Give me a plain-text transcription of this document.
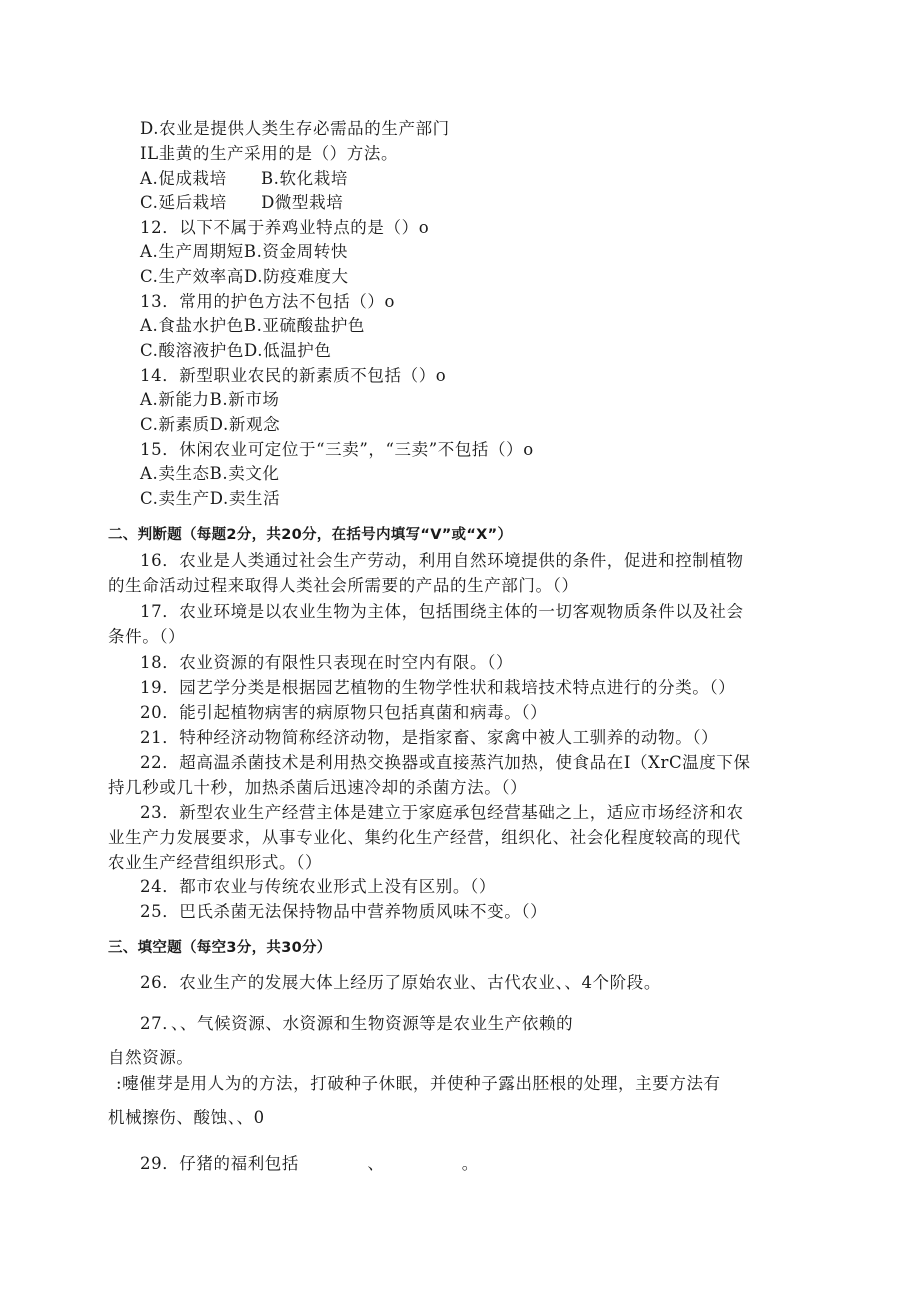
D.农业是提供人类生存必需品的生产部门
IL韭黄的生产采用的是（）方法。
A.促成栽培　　B.软化栽培
C.延后栽培　　D微型栽培
12．以下不属于养鸡业特点的是（）o
A.生产周期短B.资金周转快
C.生产效率高D.防疫难度大
13．常用的护色方法不包括（）o
A.食盐水护色B.亚硫酸盐护色
C.酸溶液护色D.低温护色
14．新型职业农民的新素质不包括（）o
A.新能力B.新市场
C.新素质D.新观念
15．休闲农业可定位于“三卖”，“三卖”不包括（）o
A.卖生态B.卖文化
C.卖生产D.卖生活
二、判断题（每题2分，共20分，在括号内填写“V”或“X”）
16．农业是人类通过社会生产劳动，利用自然环境提供的条件，促进和控制植物
的生命活动过程来取得人类社会所需要的产品的生产部门。（）
17．农业环境是以农业生物为主体，包括围绕主体的一切客观物质条件以及社会
条件。（）
18．农业资源的有限性只表现在时空内有限。（）
19．园艺学分类是根据园艺植物的生物学性状和栽培技术特点进行的分类。（）
20．能引起植物病害的病原物只包括真菌和病毒。（）
21．特种经济动物简称经济动物，是指家畜、家禽中被人工驯养的动物。（）
22．超高温杀菌技术是利用热交换器或直接蒸汽加热，使食品在I（XrC温度下保
持几秒或几十秒，加热杀菌后迅速冷却的杀菌方法。（）
23．新型农业生产经营主体是建立于家庭承包经营基础之上，适应市场经济和农
业生产力发展要求，从事专业化、集约化生产经营，组织化、社会化程度较高的现代
农业生产经营组织形式。（）
24．都市农业与传统农业形式上没有区别。（）
25．巴氏杀菌无法保持物品中营养物质风味不变。（）
三、填空题（每空3分，共30分）
26．农业生产的发展大体上经历了原始农业、古代农业、、4个阶段。
27．、、气候资源、水资源和生物资源等是农业生产依赖的
自然资源。
:嚏催芽是用人为的方法，打破种子休眠，并使种子露出胚根的处理，主要方法有
机械擦伤、酸蚀、、0
29．仔猪的福利包括　　　　、　　　　　。
